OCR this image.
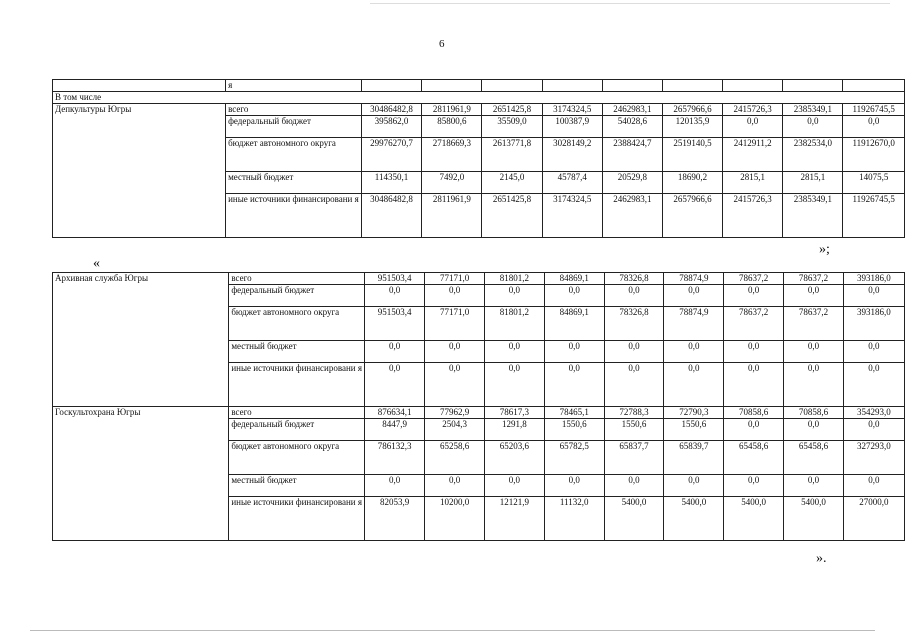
6
	я									
В том числе										
Депкультуры Югры	всего	30486482,8	2811961,9	2651425,8	3174324,5	2462983,1	2657966,6	2415726,3	2385349,1	11926745,5
	федеральный бюджет	395862,0	85800,6	35509,0	100387,9	54028,6	120135,9	0,0	0,0	0,0
	бюджет автономного округа	29976270,7	2718669,3	2613771,8	3028149,2	2388424,7	2519140,5	2412911,2	2382534,0	11912670,0
	местный бюджет	114350,1	7492,0	2145,0	45787,4	20529,8	18690,2	2815,1	2815,1	14075,5
	иные источники финансировани я	30486482,8	2811961,9	2651425,8	3174324,5	2462983,1	2657966,6	2415726,3	2385349,1	11926745,5
»;
«
Архивная служба Югры	всего	951503,4	77171,0	81801,2	84869,1	78326,8	78874,9	78637,2	78637,2	393186,0
	федеральный бюджет	0,0	0,0	0,0	0,0	0,0	0,0	0,0	0,0	0,0
	бюджет автономного округа	951503,4	77171,0	81801,2	84869,1	78326,8	78874,9	78637,2	78637,2	393186,0
	местный бюджет	0,0	0,0	0,0	0,0	0,0	0,0	0,0	0,0	0,0
	иные источники финансировани я	0,0	0,0	0,0	0,0	0,0	0,0	0,0	0,0	0,0
Госкультохрана Югры	всего	876634,1	77962,9	78617,3	78465,1	72788,3	72790,3	70858,6	70858,6	354293,0
	федеральный бюджет	8447,9	2504,3	1291,8	1550,6	1550,6	1550,6	0,0	0,0	0,0
	бюджет автономного округа	786132,3	65258,6	65203,6	65782,5	65837,7	65839,7	65458,6	65458,6	327293,0
	местный бюджет	0,0	0,0	0,0	0,0	0,0	0,0	0,0	0,0	0,0
	иные источники финансировани я	82053,9	10200,0	12121,9	11132,0	5400,0	5400,0	5400,0	5400,0	27000,0
».
